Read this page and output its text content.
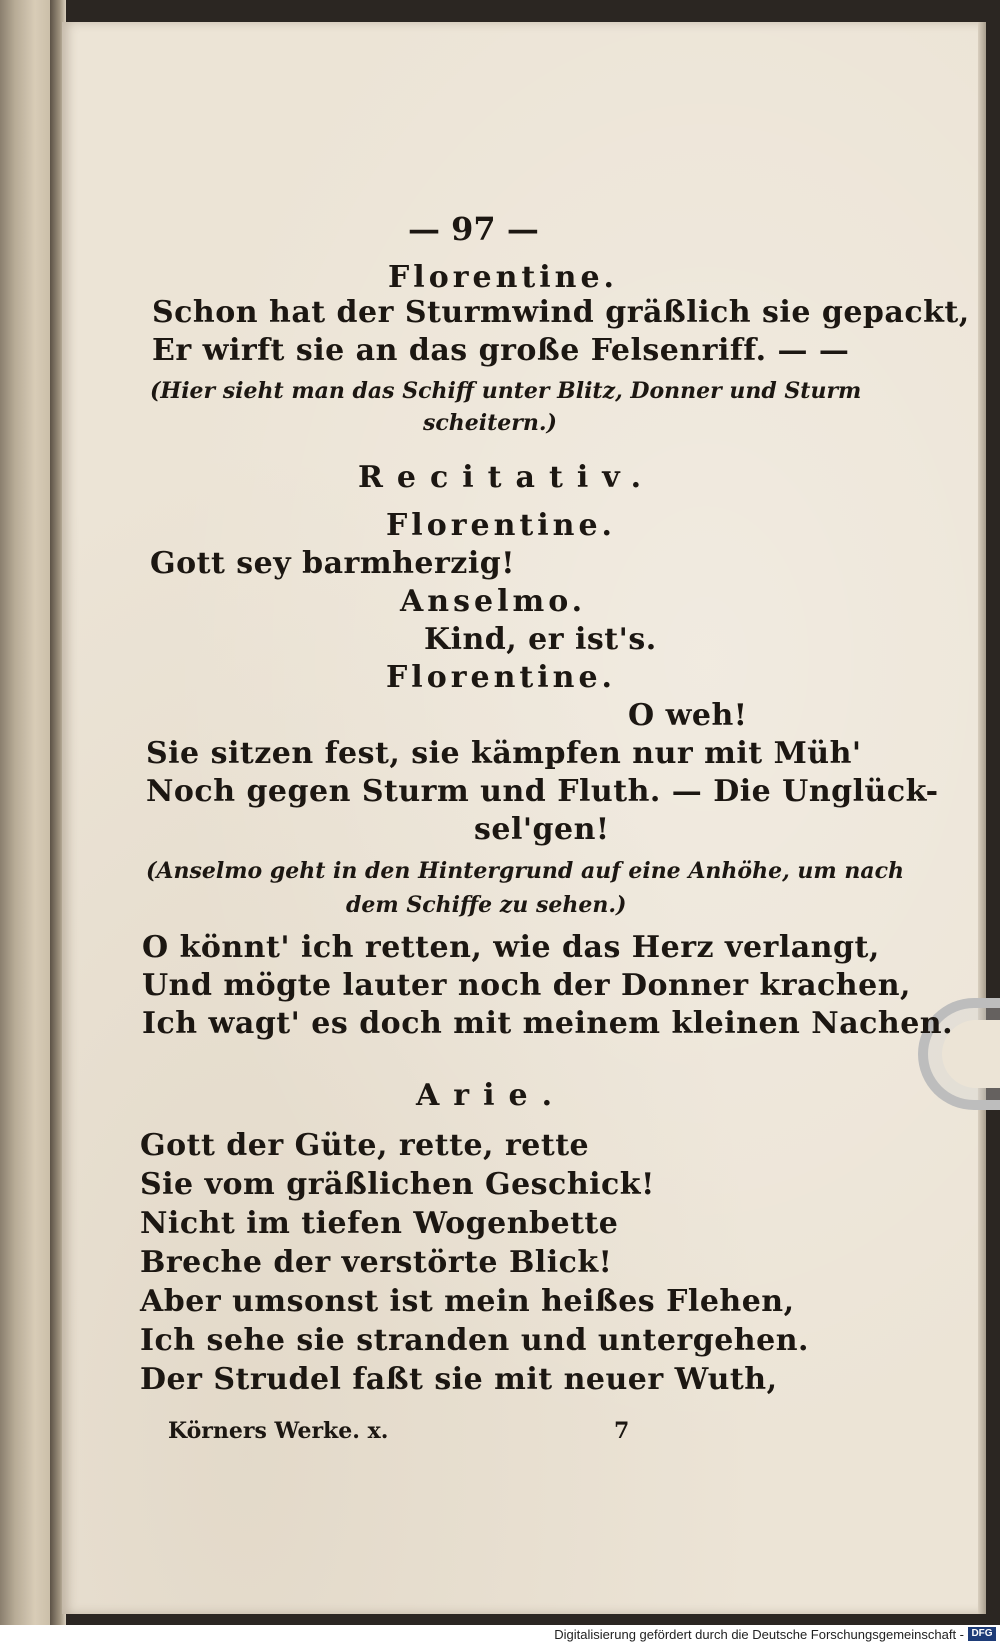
— 97 —
Florentine.
Schon hat der Sturmwind gräßlich sie gepackt,
Er wirft sie an das große Felsenriff. — —
(Hier sieht man das Schiff unter Blitz, Donner und Sturm
scheitern.)
Recitativ.
Florentine.
Gott sey barmherzig!
Anselmo.
Kind, er ist's.
Florentine.
O weh!
Sie sitzen fest, sie kämpfen nur mit Müh'
Noch gegen Sturm und Fluth. — Die Unglück-
sel'gen!
(Anselmo geht in den Hintergrund auf eine Anhöhe, um nach
dem Schiffe zu sehen.)
O könnt' ich retten, wie das Herz verlangt,
Und mögte lauter noch der Donner krachen,
Ich wagt' es doch mit meinem kleinen Nachen.
Arie.
Gott der Güte, rette, rette
Sie vom gräßlichen Geschick!
Nicht im tiefen Wogenbette
Breche der verstörte Blick!
Aber umsonst ist mein heißes Flehen,
Ich sehe sie stranden und untergehen.
Der Strudel faßt sie mit neuer Wuth,
Körners Werke. x.	7
Digitalisierung gefördert durch die Deutsche Forschungsgemeinschaft - DFG
